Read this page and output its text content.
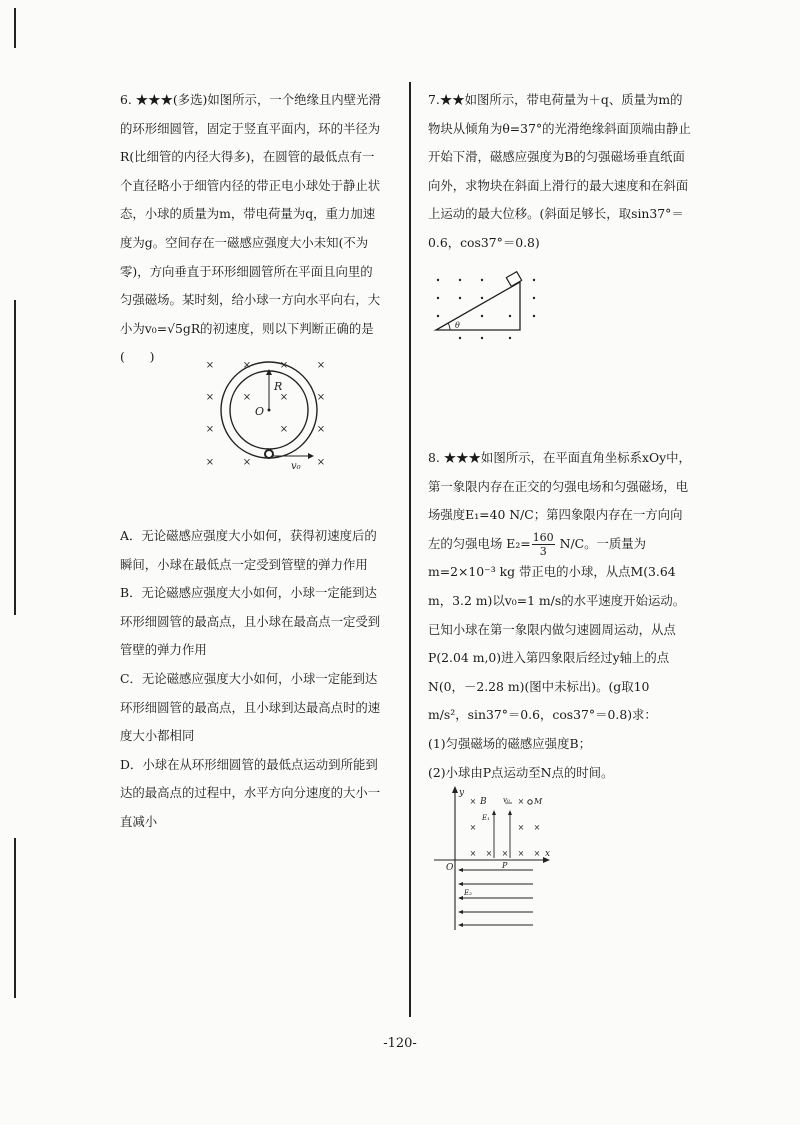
6. ★★★(多选)如图所示，一个绝缘且内壁光滑的环形细圆管，固定于竖直平面内，环的半径为R(比细管的内径大得多)，在圆管的最低点有一个直径略小于细管内径的带正电小球处于静止状态，小球的质量为m，带电荷量为q，重力加速度为g。空间存在一磁感应强度大小未知(不为零)，方向垂直于环形细圆管所在平面且向里的匀强磁场。某时刻，给小球一方向水平向右，大小为v₀=√5gR的初速度，则以下判断正确的是(　　)

A．无论磁感应强度大小如何，获得初速度后的瞬间，小球在最低点一定受到管壁的弹力作用

B．无论磁感应强度大小如何，小球一定能到达环形细圆管的最高点，且小球在最高点一定受到管壁的弹力作用

C．无论磁感应强度大小如何，小球一定能到达环形细圆管的最高点，且小球到达最高点时的速度大小都相同

D．小球在从环形细圆管的最低点运动到所能到达的最高点的过程中，水平方向分速度的大小一直减小

×	×	×	×
×	×	×	×
×	×	×
×	×	×
R
O
v₀

7.★★如图所示，带电荷量为＋q、质量为m的物块从倾角为θ=37°的光滑绝缘斜面顶端由静止开始下滑，磁感应强度为B的匀强磁场垂直纸面向外，求物块在斜面上滑行的最大速度和在斜面上运动的最大位移。(斜面足够长，取sin37°＝0.6，cos37°＝0.8)

θ

8. ★★★如图所示，在平面直角坐标系xOy中，第一象限内存在正交的匀强电场和匀强磁场，电场强度E₁=40 N/C；第四象限内存在一方向向左的匀强电场 $E_2= \frac{160}{3} N/C$。一质量为m=2×10⁻³ kg 带正电的小球，从点M(3.64 m，3.2 m)以v₀=1 m/s的水平速度开始运动。已知小球在第一象限内做匀速圆周运动，从点P(2.04 m,0)进入第四象限后经过y轴上的点N(0，－2.28 m)(图中未标出)。(g取10 m/s²，sin37°＝0.6，cos37°＝0.8)求：

(1)匀强磁场的磁感应强度B；

(2)小球由P点运动至N点的时间。

y
x
O
×	×
×	× ×
× × × × ×
B v₀	M
E₁
P
E₂
-120-
